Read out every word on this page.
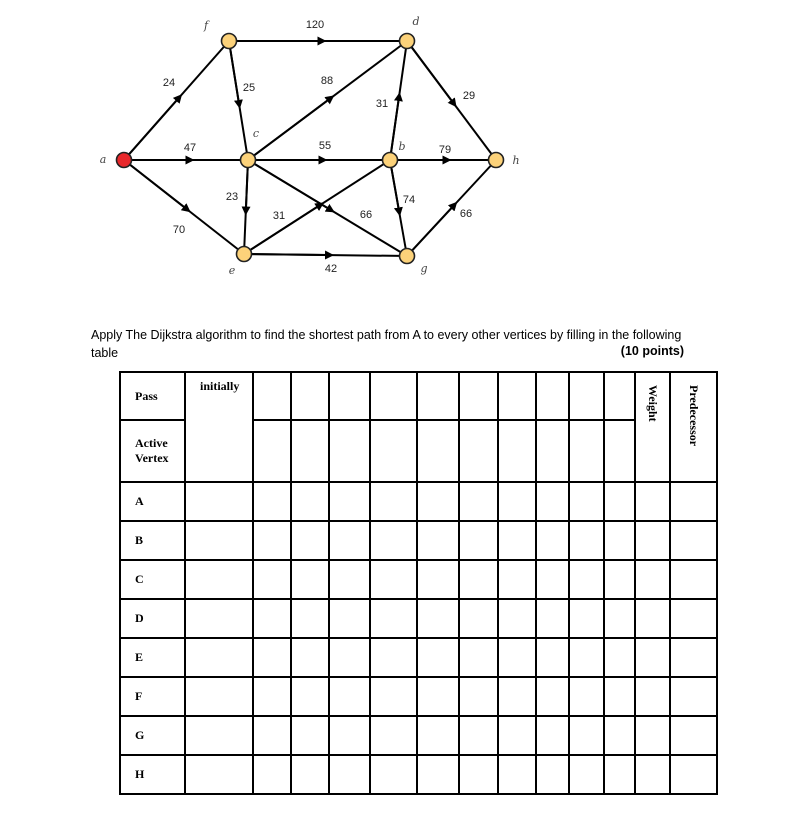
24
47
70
120
25
88
55
23
31
31
29
79
74
66
42
66
a
f	d
c
b
h
e	g
Apply The Dijkstra algorithm to find the shortest path from A to every other vertices by filling in the following table	(10 points)
Pass	initially											Weight	Predecessor
Active Vertex													
A													
B													
C													
D													
E													
F													
G													
H													
